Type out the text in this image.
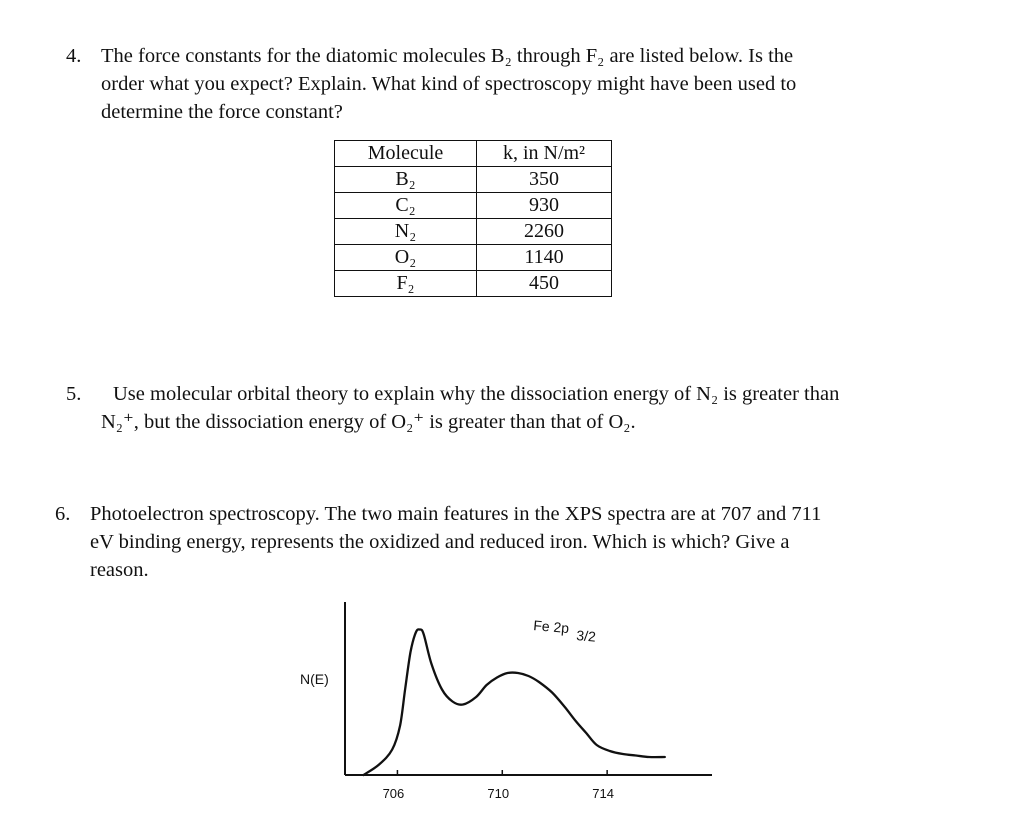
4. The force constants for the diatomic molecules B₂ through F₂ are listed below. Is the
order what you expect? Explain. What kind of spectroscopy might have been used to
determine the force constant?
Molecule	k, in N/m²
B₂	350
C₂	930
N₂	2260
O₂	1140
F₂	450
5. Use molecular orbital theory to explain why the dissociation energy of N₂ is greater than
N₂⁺, but the dissociation energy of O₂⁺ is greater than that of O₂.
6. Photoelectron spectroscopy. The two main features in the XPS spectra are at 707 and 711
eV binding energy, represents the oxidized and reduced iron. Which is which? Give a
reason.
N(E)
Fe 2p 3/2
706	710	714
